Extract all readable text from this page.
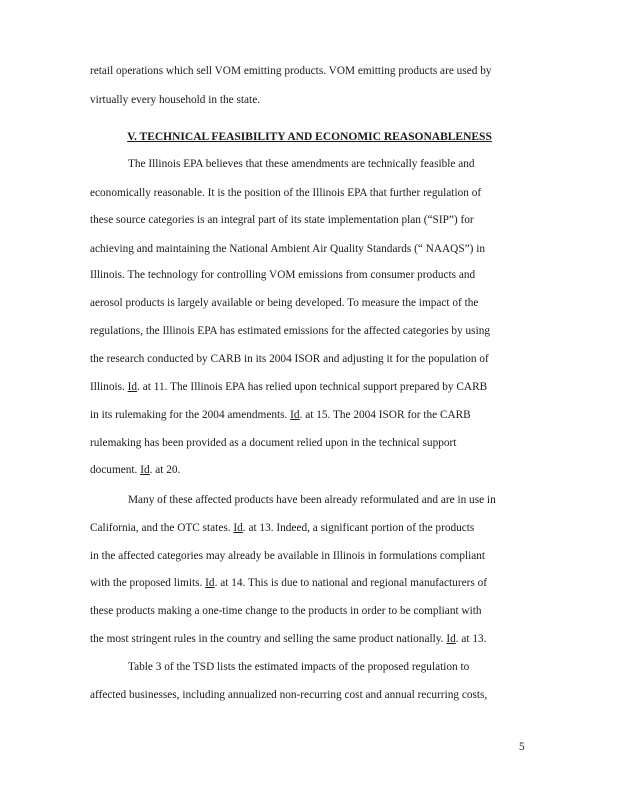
retail operations which sell VOM emitting products. VOM emitting products are used by
virtually every household in the state.
V. TECHNICAL FEASIBILITY AND ECONOMIC REASONABLENESS
The Illinois EPA believes that these amendments are technically feasible and
economically reasonable. It is the position of the Illinois EPA that further regulation of
these source categories is an integral part of its state implementation plan (“SIP”) for
achieving and maintaining the National Ambient Air Quality Standards (“ NAAQS”) in
Illinois. The technology for controlling VOM emissions from consumer products and
aerosol products is largely available or being developed. To measure the impact of the
regulations, the Illinois EPA has estimated emissions for the affected categories by using
the research conducted by CARB in its 2004 ISOR and adjusting it for the population of
Illinois. Id. at 11. The Illinois EPA has relied upon technical support prepared by CARB
in its rulemaking for the 2004 amendments. Id. at 15. The 2004 ISOR for the CARB
rulemaking has been provided as a document relied upon in the technical support
document. Id. at 20.
Many of these affected products have been already reformulated and are in use in
California, and the OTC states. Id. at 13. Indeed, a significant portion of the products
in the affected categories may already be available in Illinois in formulations compliant
with the proposed limits. Id. at 14. This is due to national and regional manufacturers of
these products making a one-time change to the products in order to be compliant with
the most stringent rules in the country and selling the same product nationally. Id. at 13.
Table 3 of the TSD lists the estimated impacts of the proposed regulation to
affected businesses, including annualized non-recurring cost and annual recurring costs,
5
